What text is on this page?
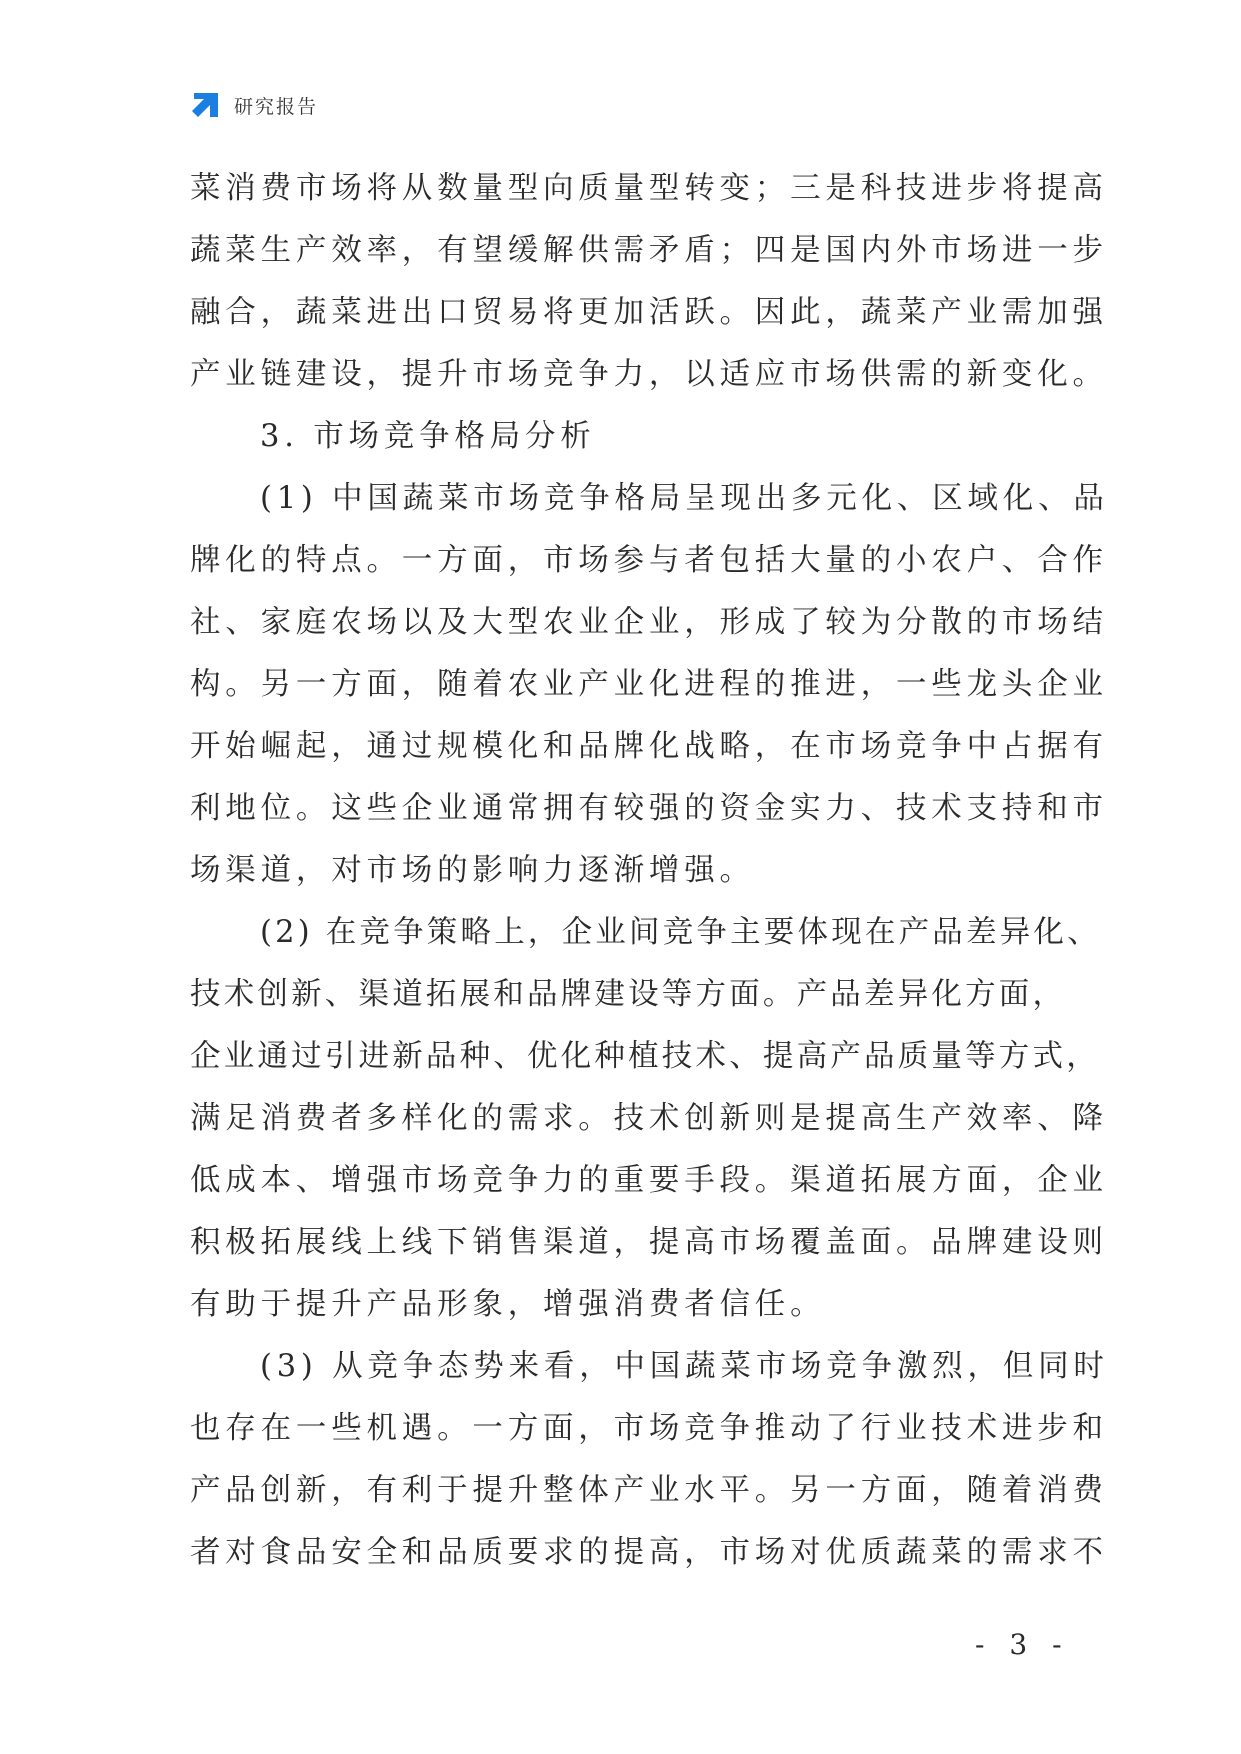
研究报告
菜消费市场将从数量型向质量型转变；三是科技进步将提高
蔬菜生产效率，有望缓解供需矛盾；四是国内外市场进一步
融合，蔬菜进出口贸易将更加活跃。因此，蔬菜产业需加强
产业链建设，提升市场竞争力，以适应市场供需的新变化。
3. 市场竞争格局分析
(1) 中国蔬菜市场竞争格局呈现出多元化、区域化、品
牌化的特点。一方面，市场参与者包括大量的小农户、合作
社、家庭农场以及大型农业企业，形成了较为分散的市场结
构。另一方面，随着农业产业化进程的推进，一些龙头企业
开始崛起，通过规模化和品牌化战略，在市场竞争中占据有
利地位。这些企业通常拥有较强的资金实力、技术支持和市
场渠道，对市场的影响力逐渐增强。
(2) 在竞争策略上，企业间竞争主要体现在产品差异化、
技术创新、渠道拓展和品牌建设等方面。产品差异化方面，
企业通过引进新品种、优化种植技术、提高产品质量等方式，
满足消费者多样化的需求。技术创新则是提高生产效率、降
低成本、增强市场竞争力的重要手段。渠道拓展方面，企业
积极拓展线上线下销售渠道，提高市场覆盖面。品牌建设则
有助于提升产品形象，增强消费者信任。
(3) 从竞争态势来看，中国蔬菜市场竞争激烈，但同时
也存在一些机遇。一方面，市场竞争推动了行业技术进步和
产品创新，有利于提升整体产业水平。另一方面，随着消费
者对食品安全和品质要求的提高，市场对优质蔬菜的需求不
- 3 -
